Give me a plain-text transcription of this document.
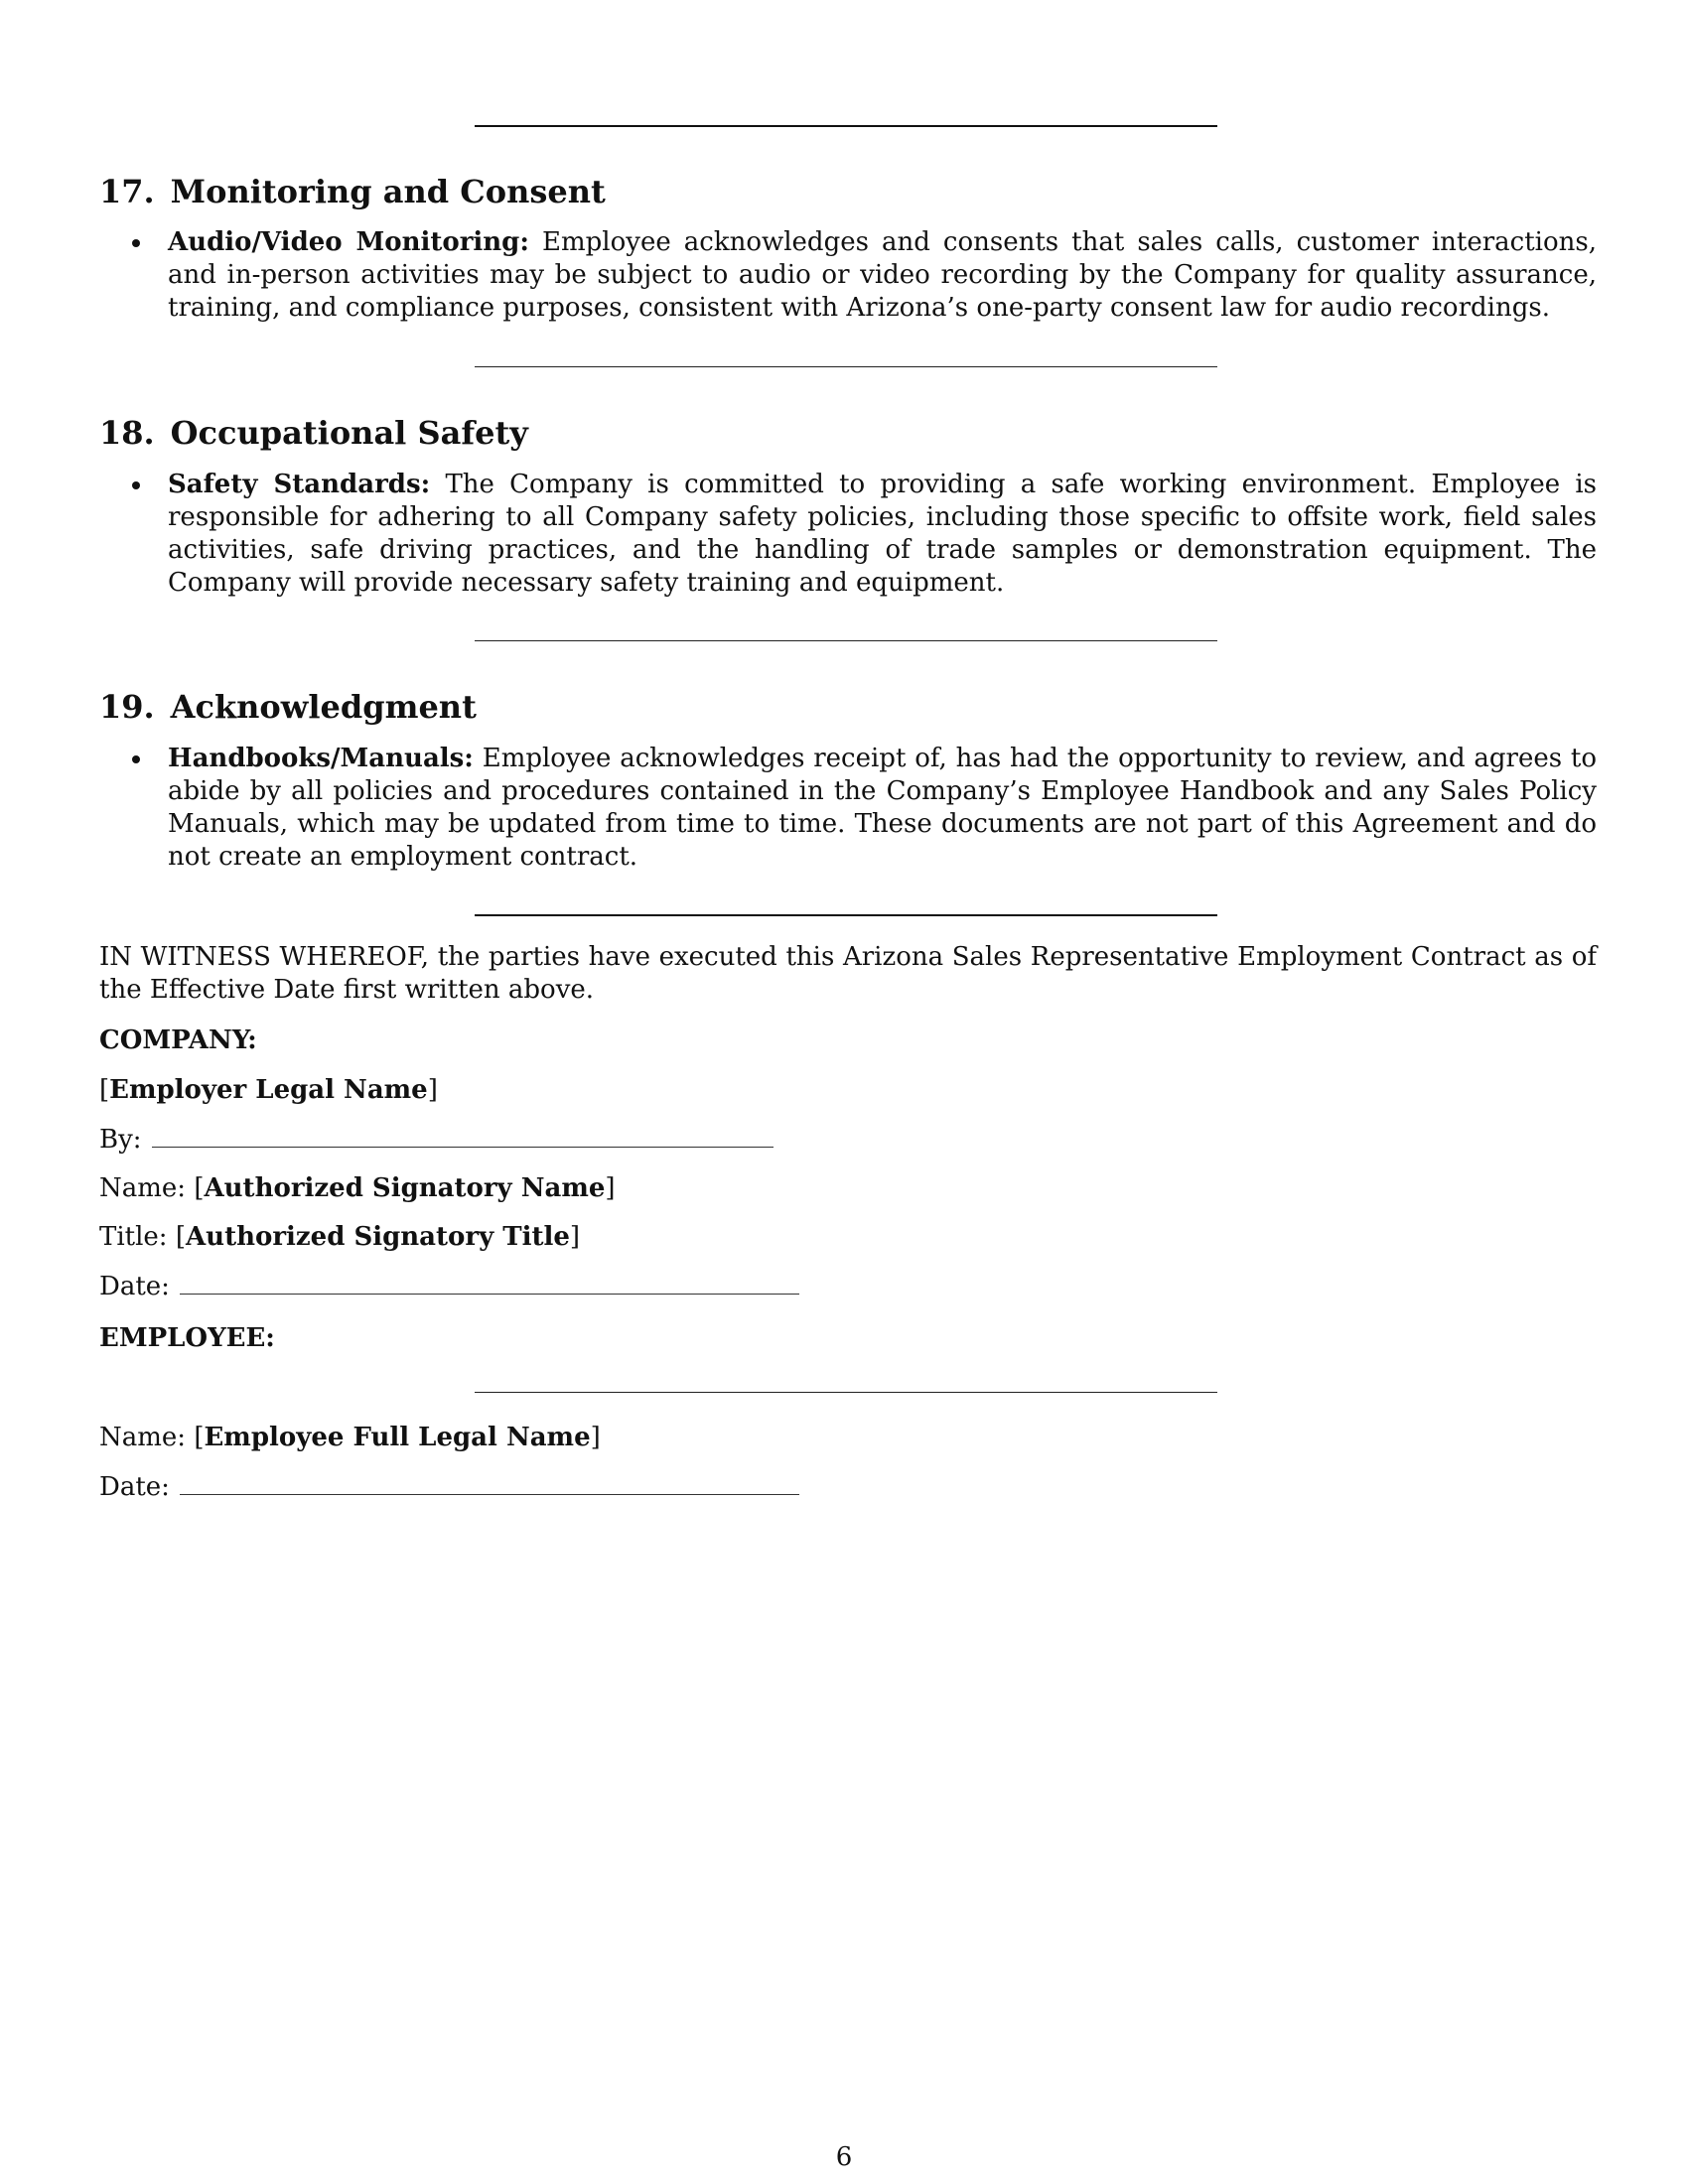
17. Monitoring and Consent
Audio/Video Monitoring: Employee acknowledges and consents that sales calls, customer interactions, and in-person activities may be subject to audio or video recording by the Company for quality assurance, training, and compliance purposes, consistent with Arizona’s one-party consent law for audio recordings.
18. Occupational Safety
Safety Standards: The Company is committed to providing a safe working environment. Employee is responsible for adhering to all Company safety policies, including those specific to offsite work, field sales activities, safe driving practices, and the handling of trade samples or demonstration equipment. The Company will provide necessary safety training and equipment.
19. Acknowledgment
Handbooks/Manuals: Employee acknowledges receipt of, has had the opportunity to review, and agrees to abide by all policies and procedures contained in the Company’s Employee Handbook and any Sales Policy Manuals, which may be updated from time to time. These documents are not part of this Agreement and do not create an employment contract.
IN WITNESS WHEREOF, the parties have executed this Arizona Sales Representative Employment Contract as of the Effective Date first written above.
COMPANY:
[Employer Legal Name]
By:
Name: [Authorized Signatory Name]
Title: [Authorized Signatory Title]
Date:
EMPLOYEE:
Name: [Employee Full Legal Name]
Date:
6
